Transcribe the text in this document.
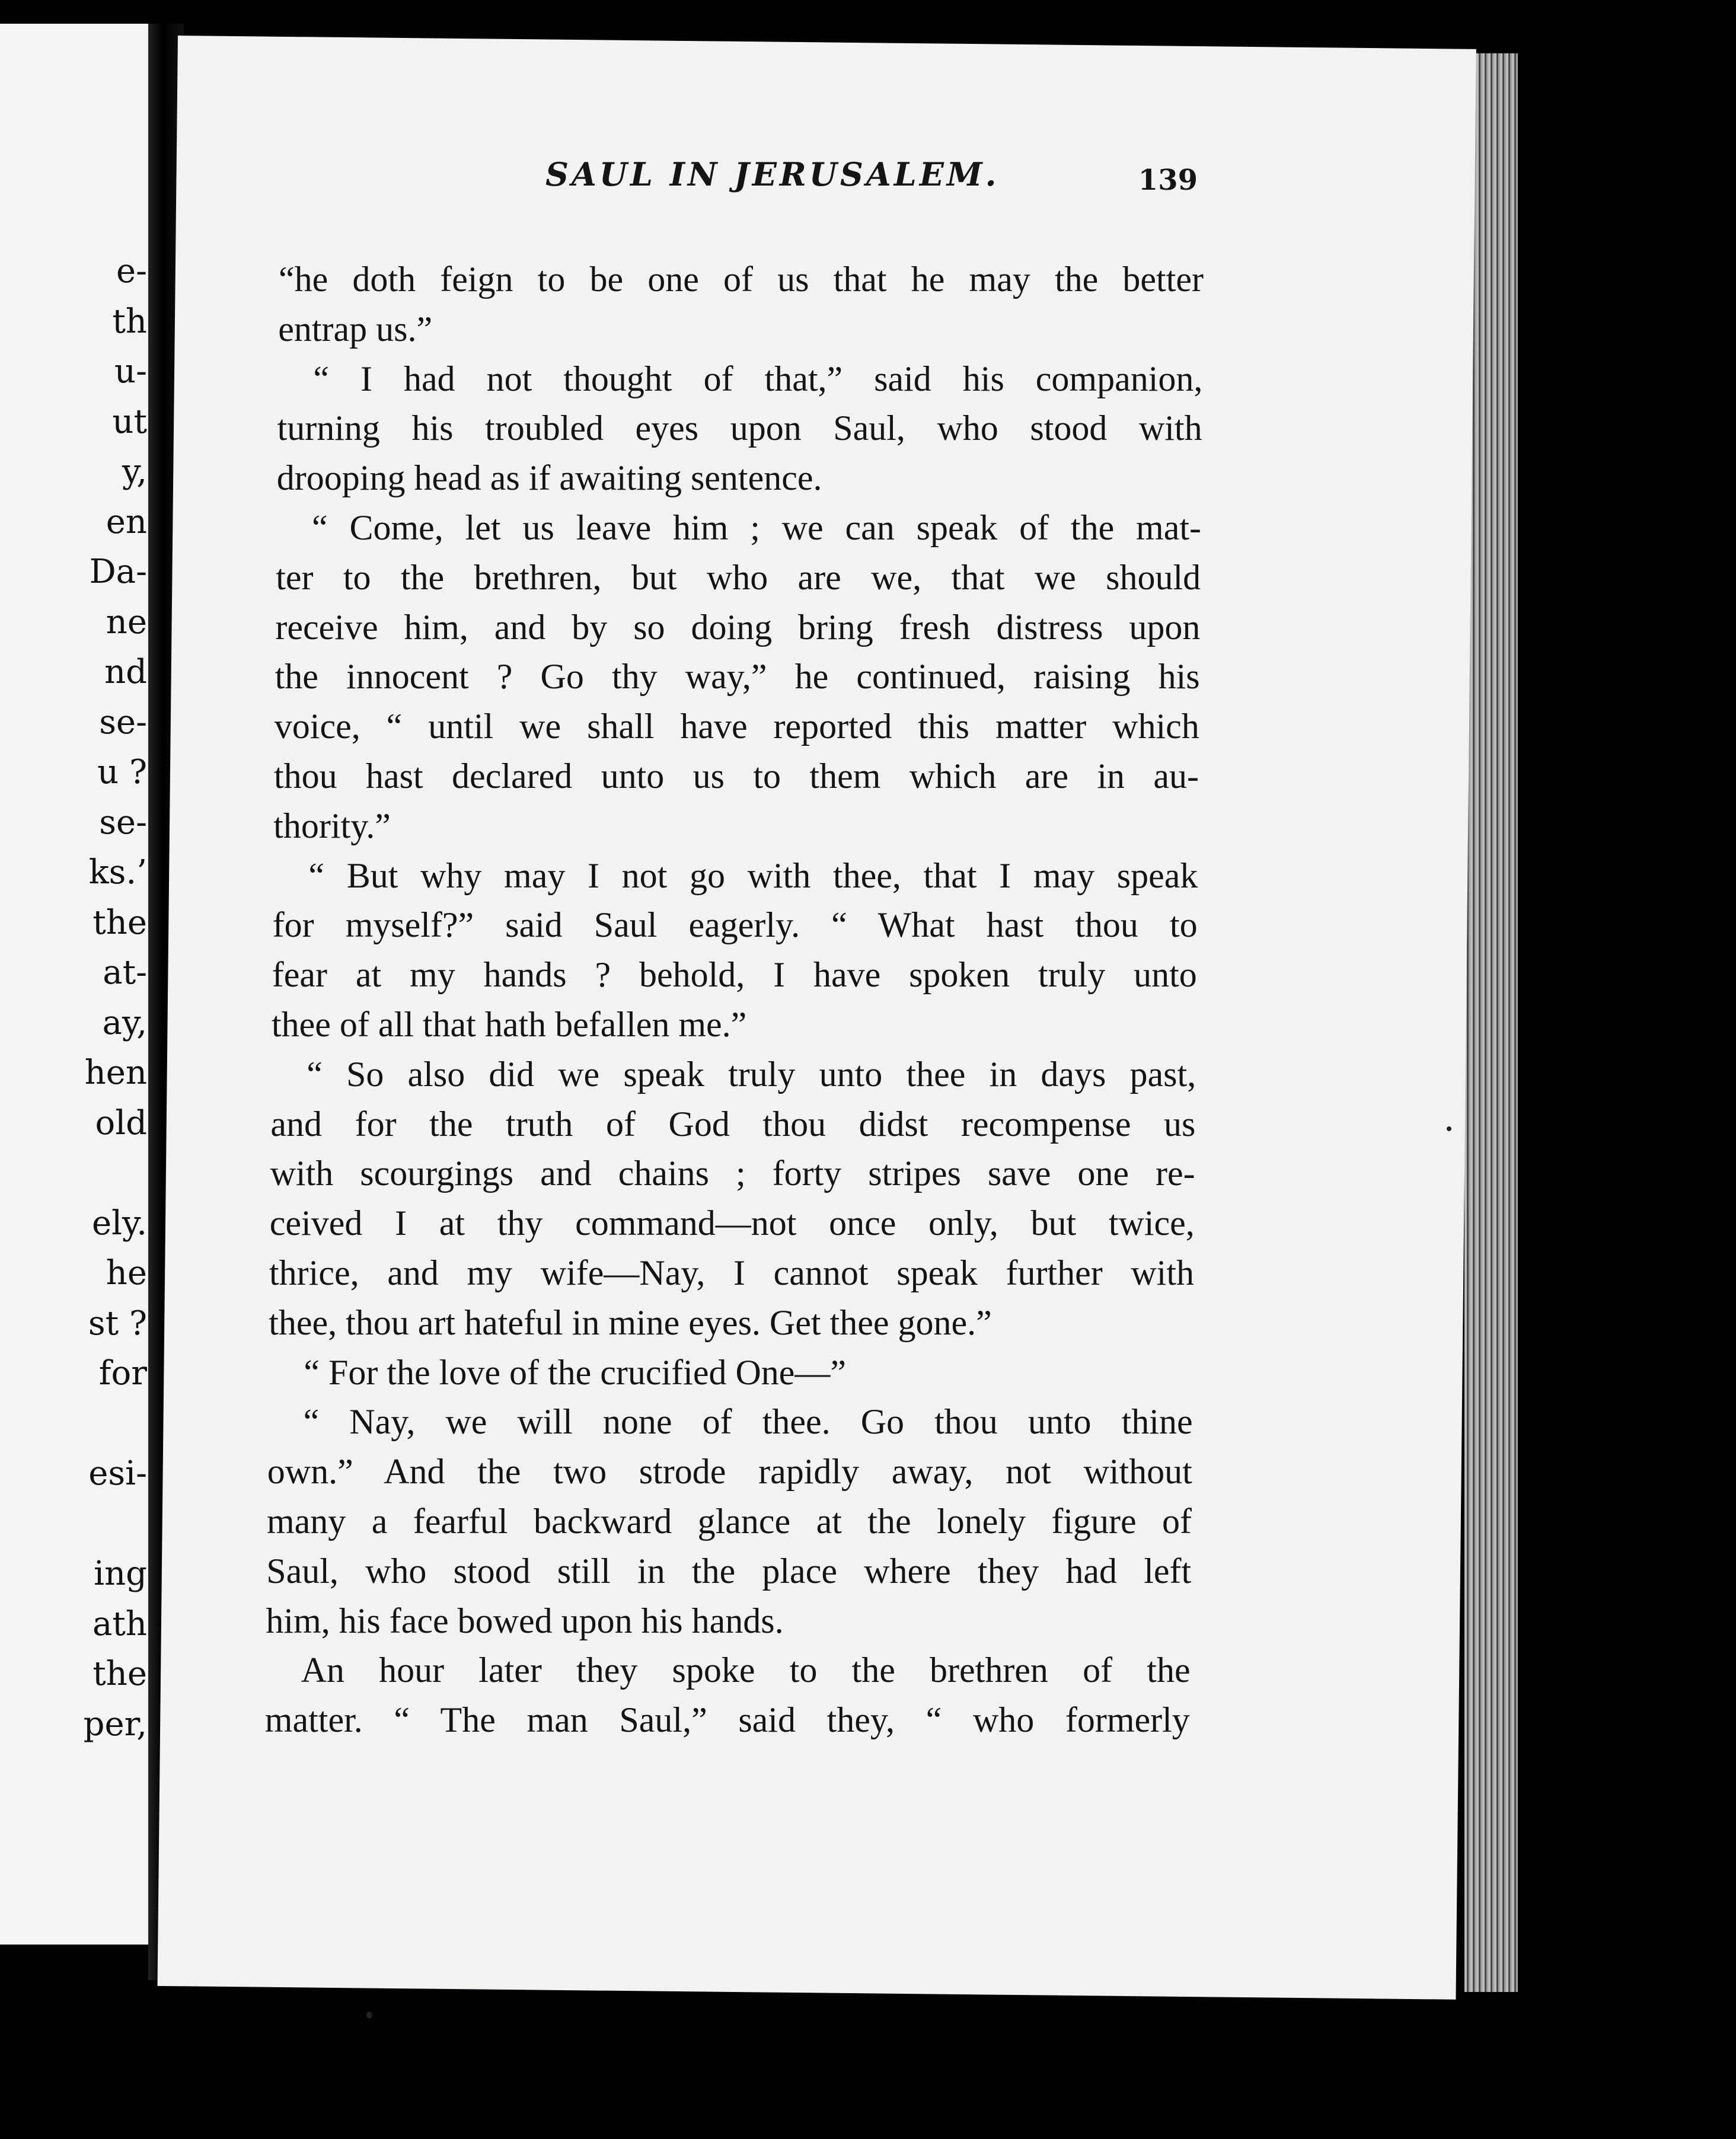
e-
th
u-
ut
y,
en
Da-
ne
nd
se-
u ?
se-
ks.’
the
at-
ay,
hen
old
ely.
he
st ?
for
esi-
ing
ath
the
per,
SAUL IN JERUSALEM.	139
“he doth feign to be one of us that he may the better
entrap us.”
“ I had not thought of that,” said his companion,
turning his troubled eyes upon Saul, who stood with
drooping head as if awaiting sentence.
“ Come, let us leave him ; we can speak of the mat-
ter to the brethren, but who are we, that we should
receive him, and by so doing bring fresh distress upon
the innocent ? Go thy way,” he continued, raising his
voice, “ until we shall have reported this matter which
thou hast declared unto us to them which are in au-
thority.”
“ But why may I not go with thee, that I may speak
for myself?” said Saul eagerly. “ What hast thou to
fear at my hands ? behold, I have spoken truly unto
thee of all that hath befallen me.”
“ So also did we speak truly unto thee in days past,
and for the truth of God thou didst recompense us
with scourgings and chains ; forty stripes save one re-
ceived I at thy command—not once only, but twice,
thrice, and my wife—Nay, I cannot speak further with
thee, thou art hateful in mine eyes. Get thee gone.”
“ For the love of the crucified One—”
“ Nay, we will none of thee. Go thou unto thine
own.” And the two strode rapidly away, not without
many a fearful backward glance at the lonely figure of
Saul, who stood still in the place where they had left
him, his face bowed upon his hands.
An hour later they spoke to the brethren of the
matter. “ The man Saul,” said they, “ who formerly
